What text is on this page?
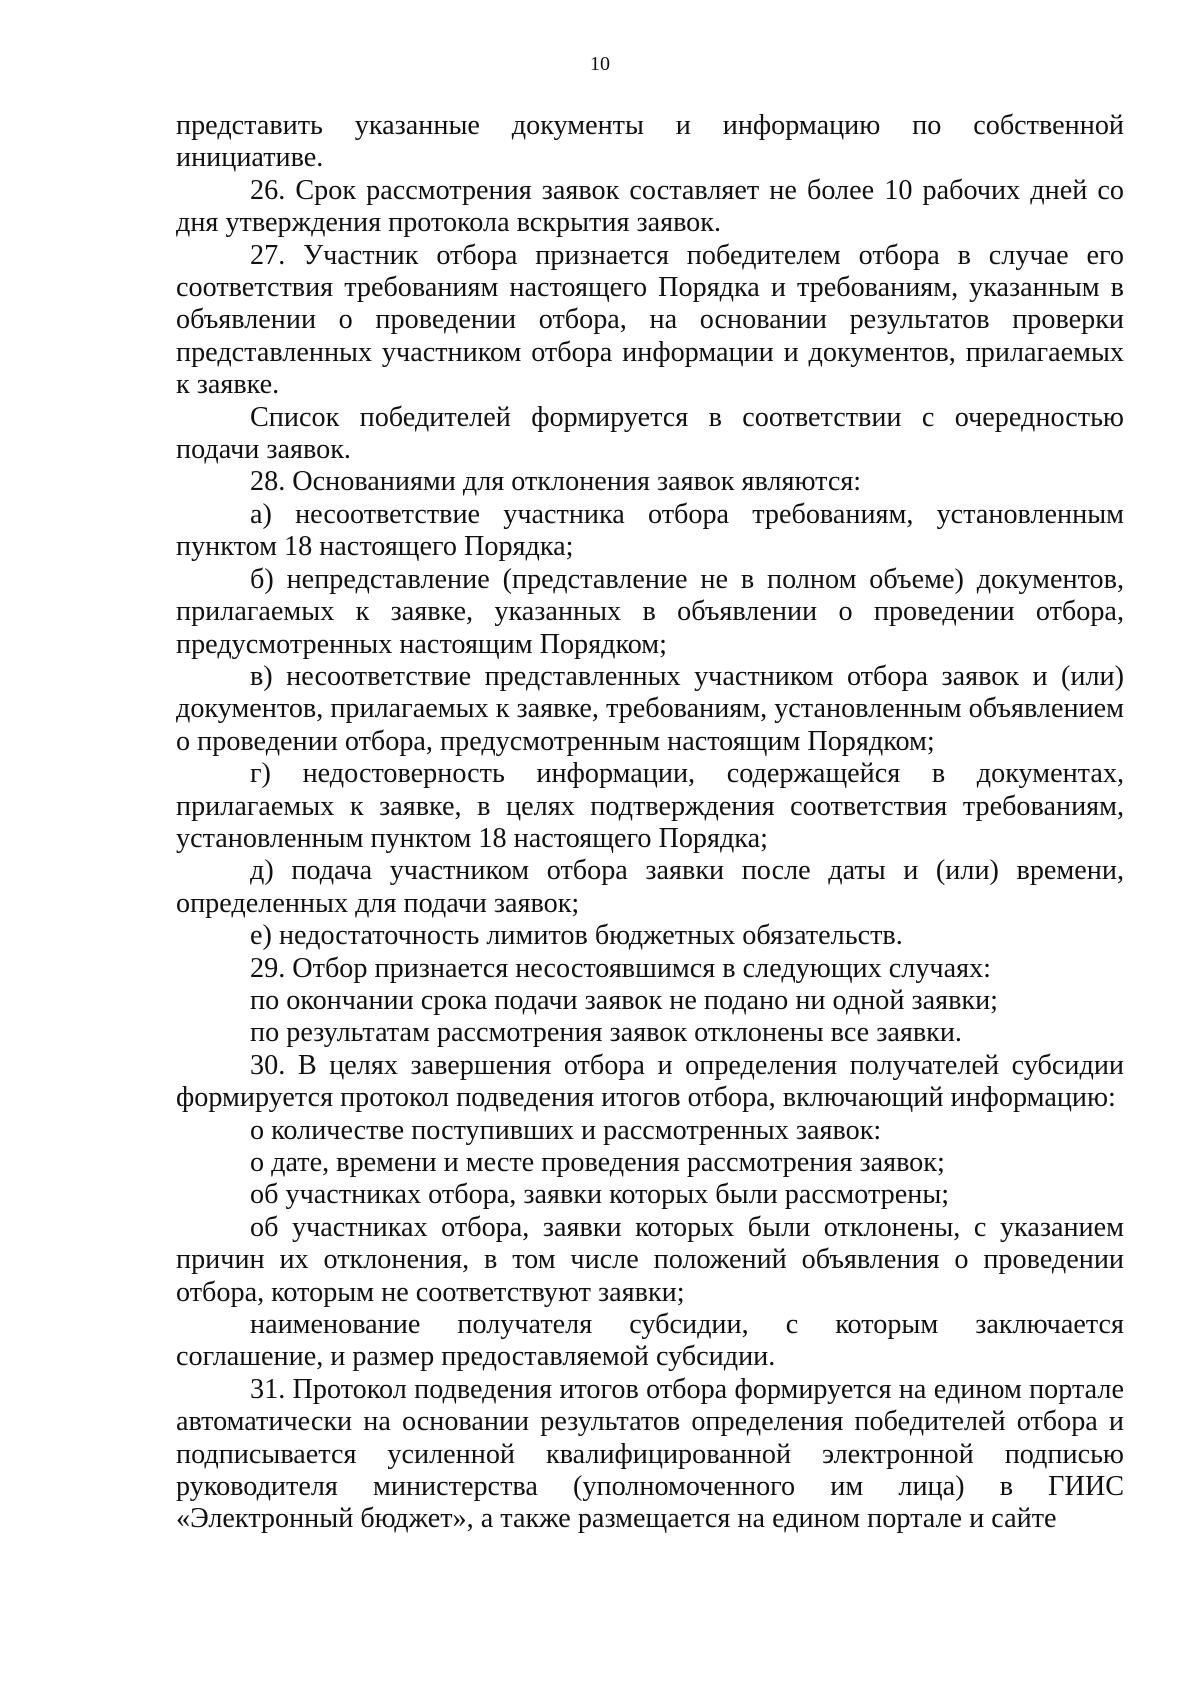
10

представить указанные документы и информацию по собственной инициативе.

26. Срок рассмотрения заявок составляет не более 10 рабочих дней со дня утверждения протокола вскрытия заявок.

27. Участник отбора признается победителем отбора в случае его соответствия требованиям настоящего Порядка и требованиям, указанным в объявлении о проведении отбора, на основании результатов проверки представленных участником отбора информации и документов, прилагаемых к заявке.

Список победителей формируется в соответствии с очередностью подачи заявок.

28. Основаниями для отклонения заявок являются:

а) несоответствие участника отбора требованиям, установленным пунктом 18 настоящего Порядка;

б) непредставление (представление не в полном объеме) документов, прилагаемых к заявке, указанных в объявлении о проведении отбора, предусмотренных настоящим Порядком;

в) несоответствие представленных участником отбора заявок и (или) документов, прилагаемых к заявке, требованиям, установленным объявлением о проведении отбора, предусмотренным настоящим Порядком;

г) недостоверность информации, содержащейся в документах, прилагаемых к заявке, в целях подтверждения соответствия требованиям, установленным пунктом 18 настоящего Порядка;

д) подача участником отбора заявки после даты и (или) времени, определенных для подачи заявок;

е) недостаточность лимитов бюджетных обязательств.

29. Отбор признается несостоявшимся в следующих случаях:

по окончании срока подачи заявок не подано ни одной заявки;

по результатам рассмотрения заявок отклонены все заявки.

30. В целях завершения отбора и определения получателей субсидии формируется протокол подведения итогов отбора, включающий информацию:

о количестве поступивших и рассмотренных заявок:

о дате, времени и месте проведения рассмотрения заявок;

об участниках отбора, заявки которых были рассмотрены;

об участниках отбора, заявки которых были отклонены, с указанием причин их отклонения, в том числе положений объявления о проведении отбора, которым не соответствуют заявки;

наименование получателя субсидии, с которым заключается соглашение, и размер предоставляемой субсидии.

31. Протокол подведения итогов отбора формируется на едином портале автоматически на основании результатов определения победителей отбора и подписывается усиленной квалифицированной электронной подписью руководителя министерства (уполномоченного им лица) в ГИИС «Электронный бюджет», а также размещается на едином портале и сайте
